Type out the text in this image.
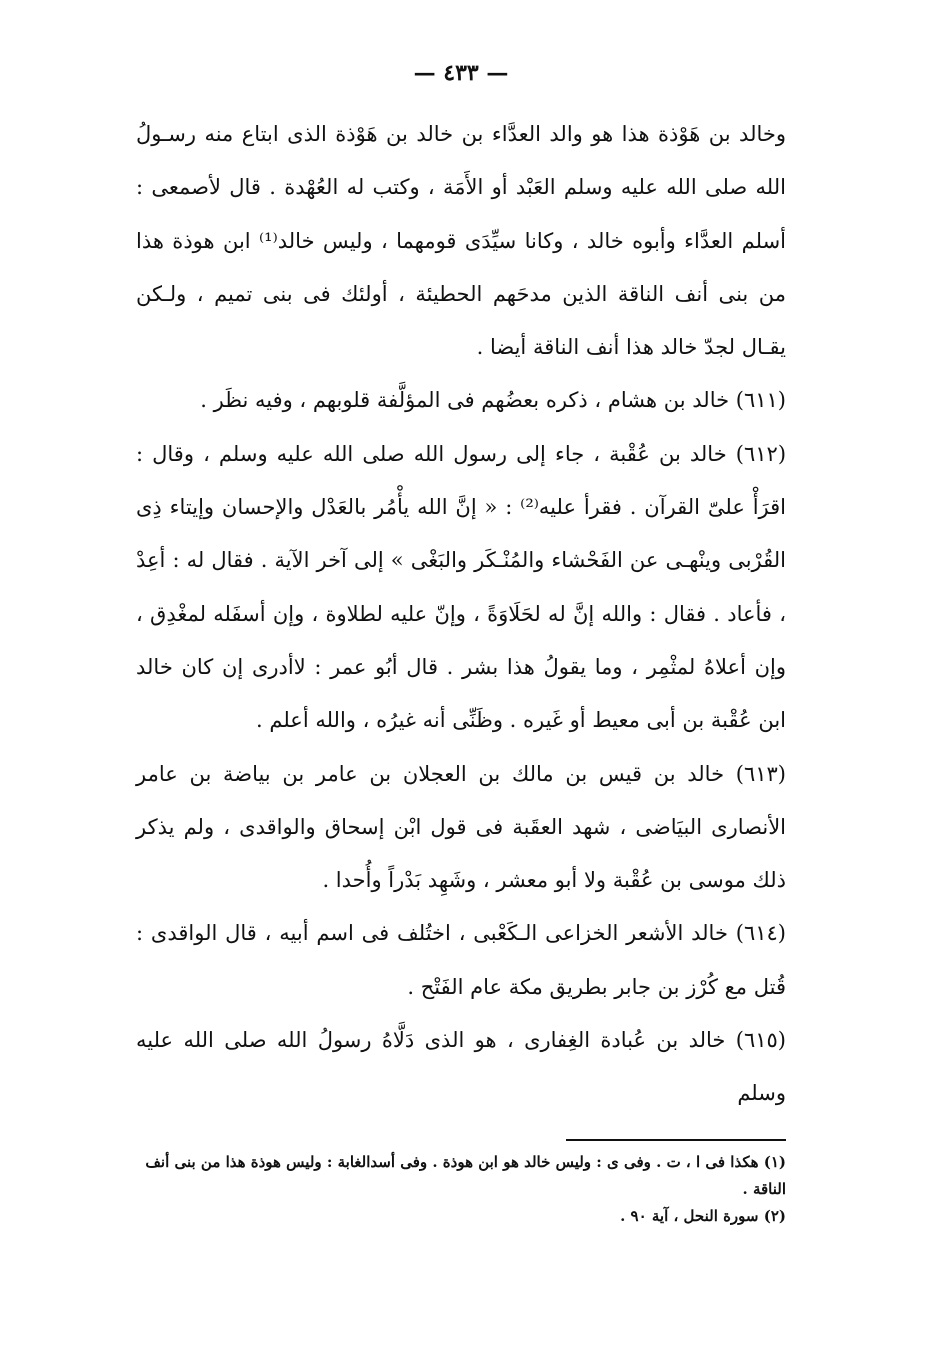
— ٤٣٣ —

وخالد بن هَوْذة هذا هو والد العدَّاء بن خالد بن هَوْذة الذى ابتاع منه رسـولُ الله صلى الله عليه وسلم العَبْد أو الأَمَة ، وكتب له العُهْدة . قال لأصمعى : أسلم العدَّاء وأبوه خالد ، وكانا سيِّدَى قومهما ، وليس خالد⁽¹⁾ ابن هوذة هذا من بنى أنف الناقة الذين مدحَهم الحطيئة ، أولئك فى بنى تميم ، ولـكن يقـال لجدّ خالد هذا أنف الناقة أيضا .

(٦١١) خالد بن هشام ، ذكره بعضُهم فى المؤلَّفة قلوبهم ، وفيه نظَر .

(٦١٢) خالد بن عُقْبة ، جاء إلى رسول الله صلى الله عليه وسلم ، وقال : اقرَأْ علىّ القرآن . فقرأ عليه⁽²⁾ : « إنَّ الله يأْمُر بالعَدْل والإحسان وإيتاء ذِى القُرْبى وينْهـى عن الفَحْشاء والمُنْـكَر والبَغْى » إلى آخر الآية . فقال له : أعِدْ ، فأعاد . فقال : والله إنَّ له لحَلَاوَةً ، وإنّ عليه لطلاوة ، وإن أسفَله لمغْدِق ، وإن أعلاهُ لمثْمِر ، وما يقولُ هذا بشر . قال أبُو عمر : لاأدرى إن كان خالد ابن عُقْبة بن أبى معيط أو غَيره . وظَنِّى أنه غيرُه ، والله أعلم .

(٦١٣) خالد بن قيس بن مالك بن العجلان بن عامر بن بياضة بن عامر الأنصارى البيَاضى ، شهد العقَبة فى قول ابْن إسحاق والواقدى ، ولم يذكر ذلك موسى بن عُقْبة ولا أبو معشر ، وشَهِد بَدْراً وأُحدا .

(٦١٤) خالد الأشعر الخزاعى الـكَعْبى ، اختُلف فى اسم أبيه ، قال الواقدى : قُتل مع كُرْز بن جابر بطريق مكة عام الفَتْح .

(٦١٥) خالد بن عُبادة الغِفارى ، هو الذى دَلَّاهُ رسولُ الله صلى الله عليه وسلم

(١) هكذا فى ا ، ت . وفى ى : وليس خالد هو ابن هوذة . وفى أسدالغابة : وليس هوذة هذا من بنى أنف الناقة .

(٢) سورة النحل ، آية ٩٠ .
